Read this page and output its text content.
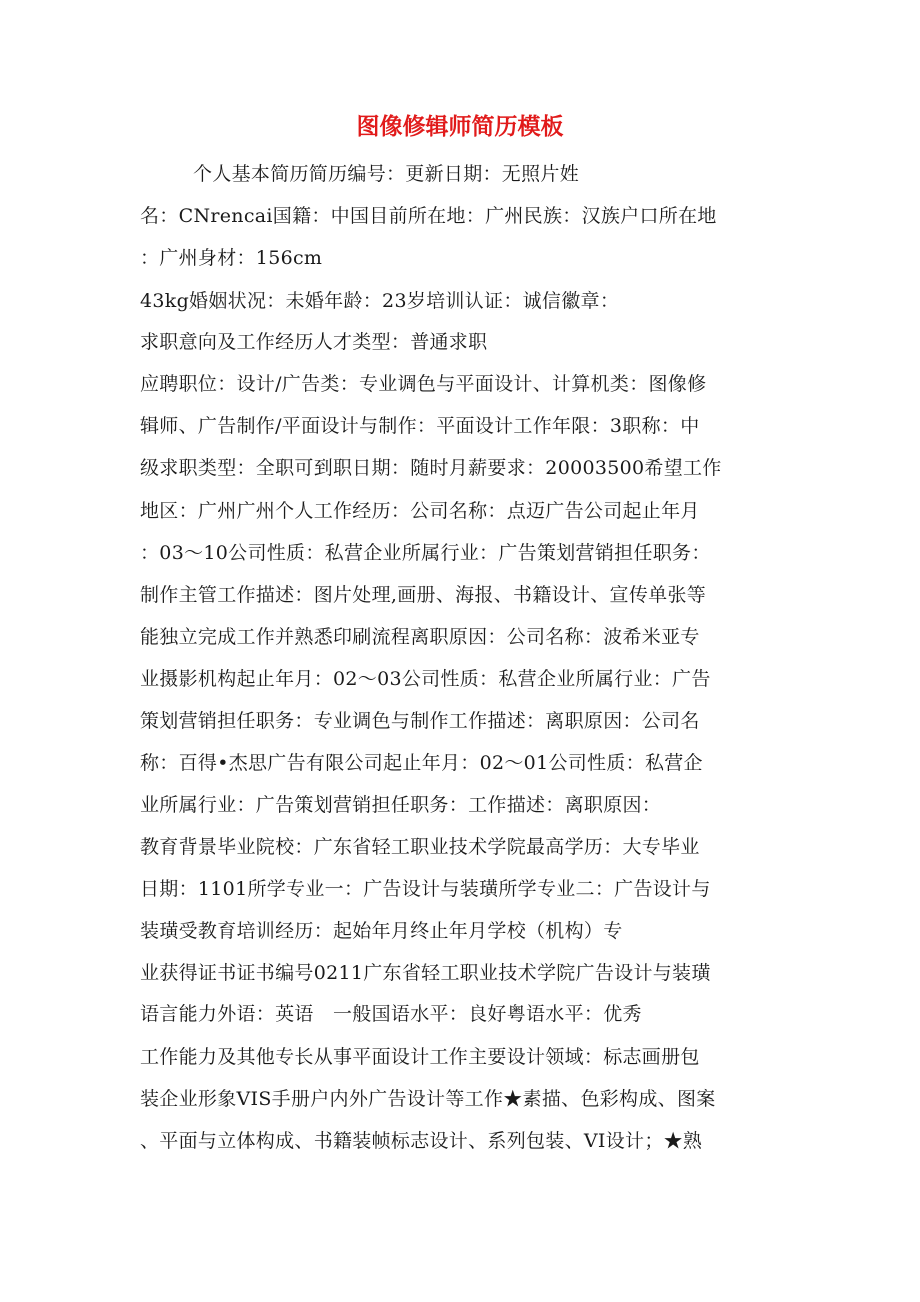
图像修辑师简历模板
个人基本简历简历编号：更新日期：无照片姓
名：CNrencai国籍：中国目前所在地：广州民族：汉族户口所在地
：广州身材：156cm
43kg婚姻状况：未婚年龄：23岁培训认证：诚信徽章：
求职意向及工作经历人才类型：普通求职
应聘职位：设计/广告类：专业调色与平面设计、计算机类：图像修
辑师、广告制作/平面设计与制作：平面设计工作年限：3职称：中
级求职类型：全职可到职日期：随时月薪要求：20003500希望工作
地区：广州广州个人工作经历：公司名称：点迈广告公司起止年月
：03～10公司性质：私营企业所属行业：广告策划营销担任职务：
制作主管工作描述：图片处理,画册、海报、书籍设计、宣传单张等
能独立完成工作并熟悉印刷流程离职原因：公司名称：波希米亚专
业摄影机构起止年月：02～03公司性质：私营企业所属行业：广告
策划营销担任职务：专业调色与制作工作描述：离职原因：公司名
称：百得•杰思广告有限公司起止年月：02～01公司性质：私营企
业所属行业：广告策划营销担任职务：工作描述：离职原因：
教育背景毕业院校：广东省轻工职业技术学院最高学历：大专毕业
日期：1101所学专业一：广告设计与装璜所学专业二：广告设计与
装璜受教育培训经历：起始年月终止年月学校（机构）专
业获得证书证书编号0211广东省轻工职业技术学院广告设计与装璜
语言能力外语：英语　一般国语水平：良好粤语水平：优秀
工作能力及其他专长从事平面设计工作主要设计领域：标志画册包
装企业形象VIS手册户内外广告设计等工作★素描、色彩构成、图案
、平面与立体构成、书籍装帧标志设计、系列包装、VI设计；★熟
